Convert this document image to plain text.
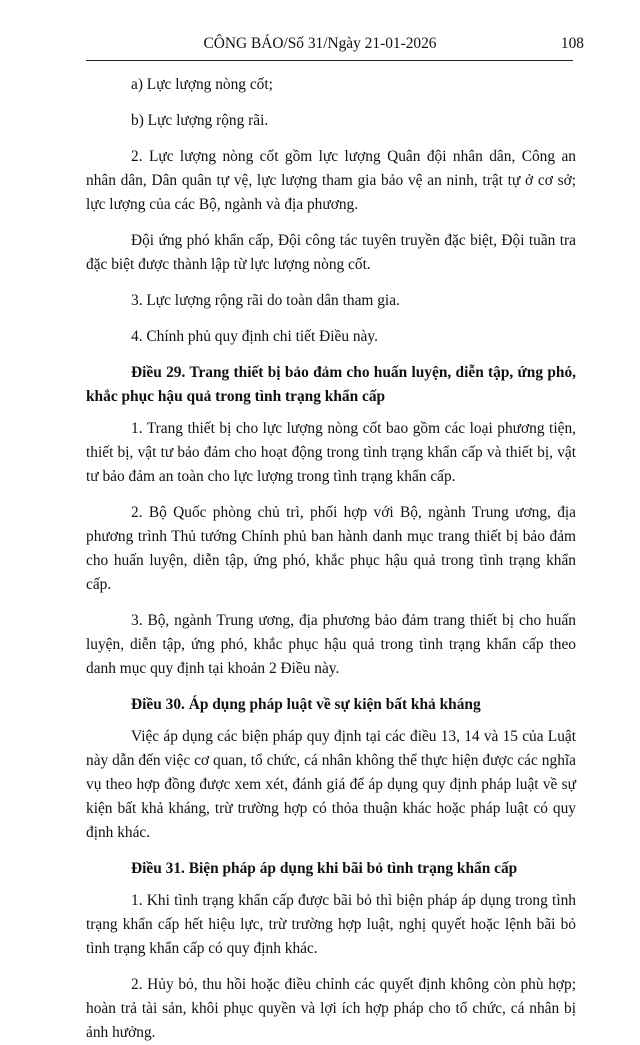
CÔNG BÁO/Số 31/Ngày 21-01-2026	108

a) Lực lượng nòng cốt;

b) Lực lượng rộng rãi.

2. Lực lượng nòng cốt gồm lực lượng Quân đội nhân dân, Công an nhân dân, Dân quân tự vệ, lực lượng tham gia bảo vệ an ninh, trật tự ở cơ sở; lực lượng của các Bộ, ngành và địa phương.

Đội ứng phó khẩn cấp, Đội công tác tuyên truyền đặc biệt, Đội tuần tra đặc biệt được thành lập từ lực lượng nòng cốt.

3. Lực lượng rộng rãi do toàn dân tham gia.

4. Chính phủ quy định chi tiết Điều này.

Điều 29. Trang thiết bị bảo đảm cho huấn luyện, diễn tập, ứng phó, khắc phục hậu quả trong tình trạng khẩn cấp

1. Trang thiết bị cho lực lượng nòng cốt bao gồm các loại phương tiện, thiết bị, vật tư bảo đảm cho hoạt động trong tình trạng khẩn cấp và thiết bị, vật tư bảo đảm an toàn cho lực lượng trong tình trạng khẩn cấp.

2. Bộ Quốc phòng chủ trì, phối hợp với Bộ, ngành Trung ương, địa phương trình Thủ tướng Chính phủ ban hành danh mục trang thiết bị bảo đảm cho huấn luyện, diễn tập, ứng phó, khắc phục hậu quả trong tình trạng khẩn cấp.

3. Bộ, ngành Trung ương, địa phương bảo đảm trang thiết bị cho huấn luyện, diễn tập, ứng phó, khắc phục hậu quả trong tình trạng khẩn cấp theo danh mục quy định tại khoản 2 Điều này.

Điều 30. Áp dụng pháp luật về sự kiện bất khả kháng

Việc áp dụng các biện pháp quy định tại các điều 13, 14 và 15 của Luật này dẫn đến việc cơ quan, tổ chức, cá nhân không thể thực hiện được các nghĩa vụ theo hợp đồng được xem xét, đánh giá để áp dụng quy định pháp luật về sự kiện bất khả kháng, trừ trường hợp có thỏa thuận khác hoặc pháp luật có quy định khác.

Điều 31. Biện pháp áp dụng khi bãi bỏ tình trạng khẩn cấp

1. Khi tình trạng khẩn cấp được bãi bỏ thì biện pháp áp dụng trong tình trạng khẩn cấp hết hiệu lực, trừ trường hợp luật, nghị quyết hoặc lệnh bãi bỏ tình trạng khẩn cấp có quy định khác.

2. Hủy bỏ, thu hồi hoặc điều chỉnh các quyết định không còn phù hợp; hoàn trả tài sản, khôi phục quyền và lợi ích hợp pháp cho tổ chức, cá nhân bị ảnh hưởng.
